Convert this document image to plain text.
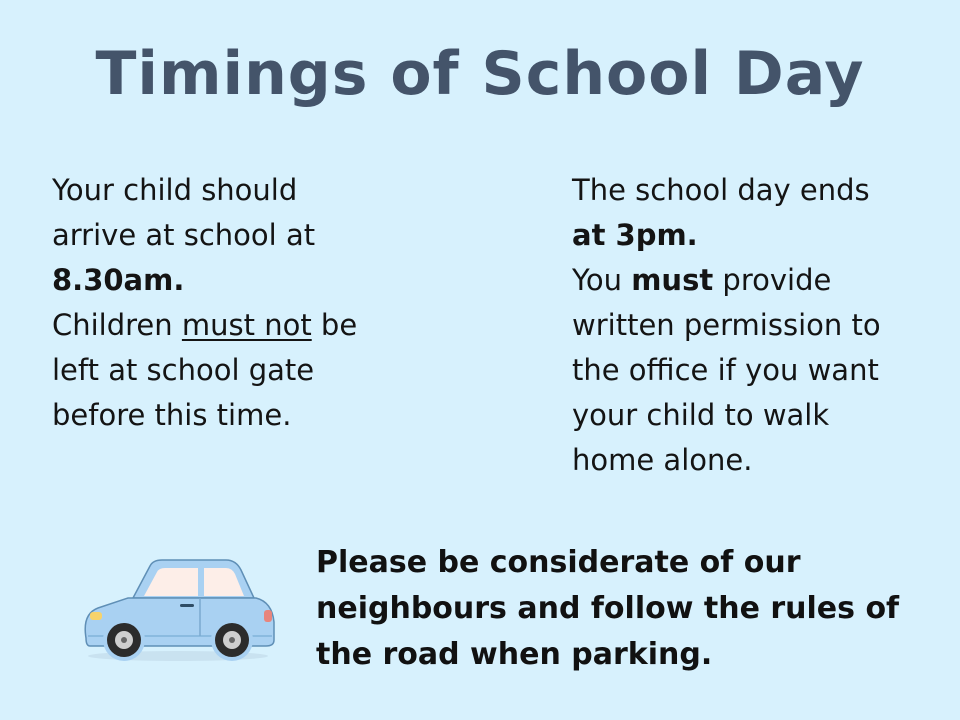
Timings of School Day
Your child should
arrive at school at
8.30am.
Children must not be
left at school gate
before this time.
The school day ends
at 3pm.
You must provide
written permission to
the office if you want
your child to walk
home alone.
Please be considerate of our
neighbours and follow the rules of
the road when parking.
